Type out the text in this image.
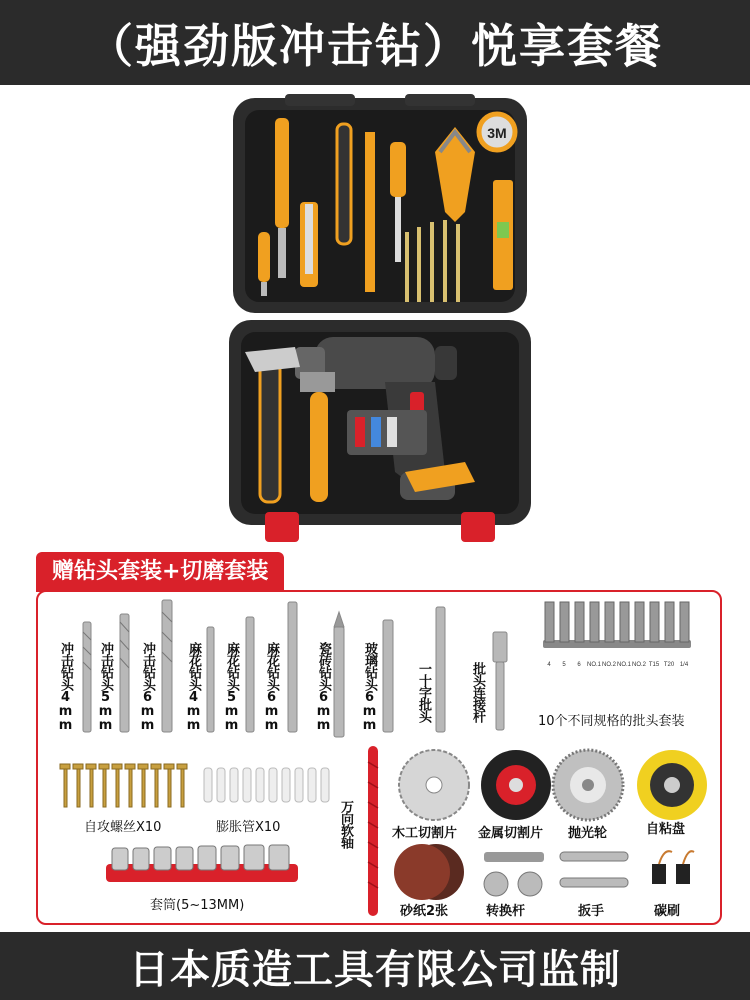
（强劲版冲击钻）悦享套餐
3M
赠钻头套装+切磨套装
4 5 6 NO.1 NO.2 NO.1 NO.2 T15 T20 1/4
冲击钻头4mm 冲击钻头5mm 冲击钻头6mm 麻花钻头4mm 麻花钻头5mm 麻花钻头6mm	瓷砖钻头6mm 玻璃钻头6mm	一十字批头	批头连接杆	10个不同规格的批头套装
自攻螺丝X10	膨胀管X10
套筒(5~13MM)
万向软轴	木工切割片 金属切割片 抛光轮	自粘盘
砂纸2张	转换杆	扳手	碳刷
日本质造工具有限公司监制
